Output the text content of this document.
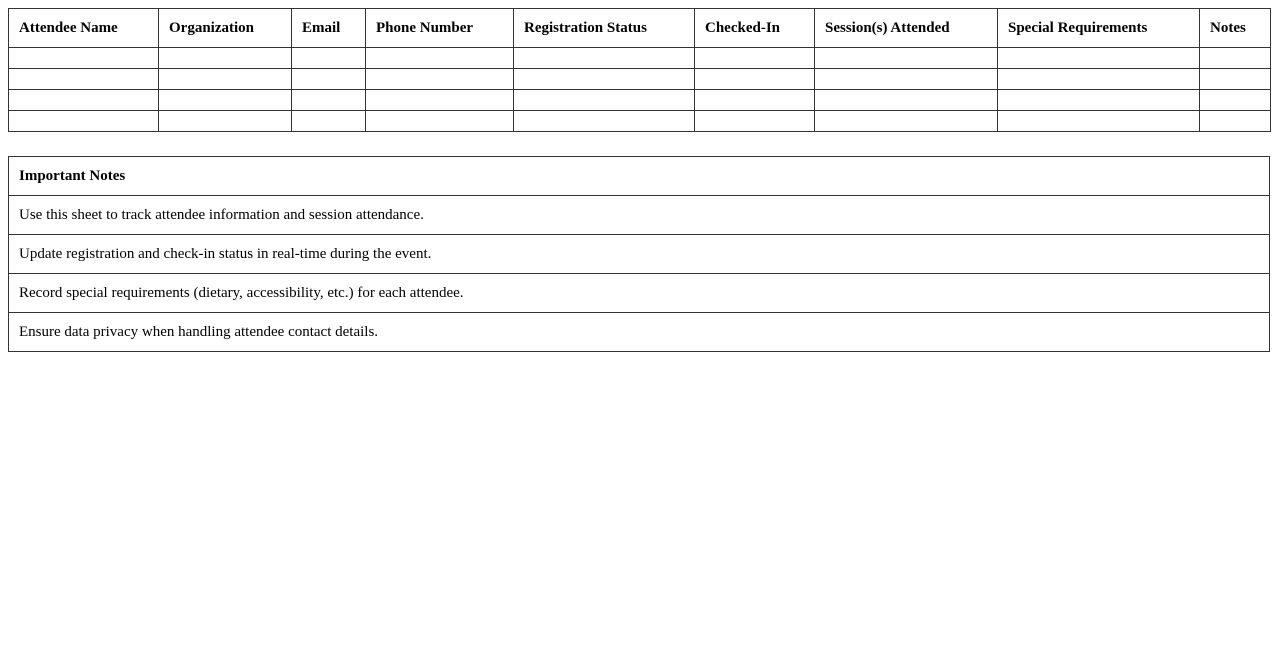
Attendee Name	Organization	Email	Phone Number	Registration Status	Checked-In	Session(s) Attended	Special Requirements	Notes

Important Notes
Use this sheet to track attendee information and session attendance.
Update registration and check-in status in real-time during the event.
Record special requirements (dietary, accessibility, etc.) for each attendee.
Ensure data privacy when handling attendee contact details.
